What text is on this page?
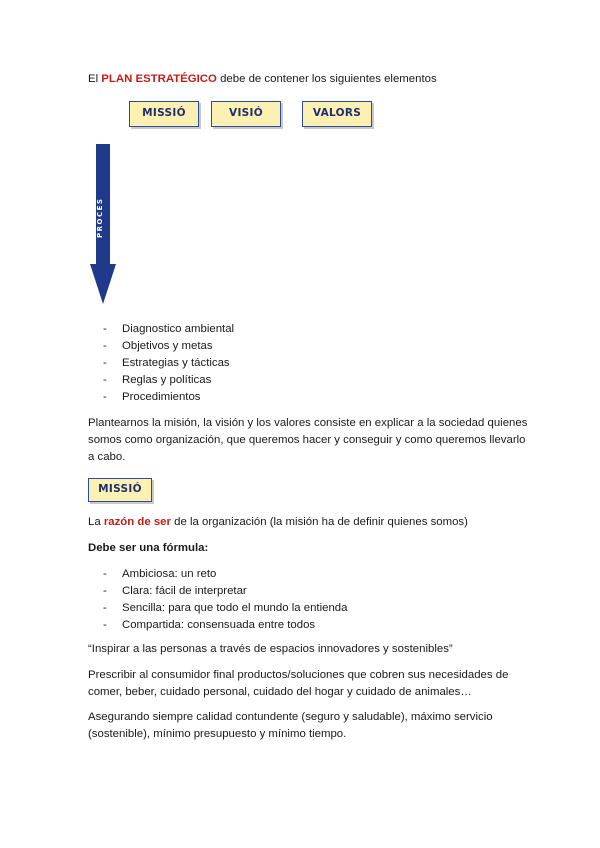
El PLAN ESTRATÉGICO debe de contener los siguientes elementos
MISSIÓ	VISIÓ	VALORS
PROCÉS
- Diagnostico ambiental
- Objetivos y metas
- Estrategias y tácticas
- Reglas y políticas
- Procedimientos
Plantearnos la misión, la visión y los valores consiste en explicar a la sociedad quienes somos como organización, que queremos hacer y conseguir y como queremos llevarlo a cabo.
MISSIÓ
La razón de ser de la organización (la misión ha de definir quienes somos)
Debe ser una fórmula:
- Ambiciosa: un reto
- Clara: fácil de interpretar
- Sencilla: para que todo el mundo la entienda
- Compartida: consensuada entre todos
“Inspirar a las personas a través de espacios innovadores y sostenibles”
Prescribir al consumidor final productos/soluciones que cobren sus necesidades de comer, beber, cuidado personal, cuidado del hogar y cuidado de animales…
Asegurando siempre calidad contundente (seguro y saludable), máximo servicio (sostenible), mínimo presupuesto y mínimo tiempo.
